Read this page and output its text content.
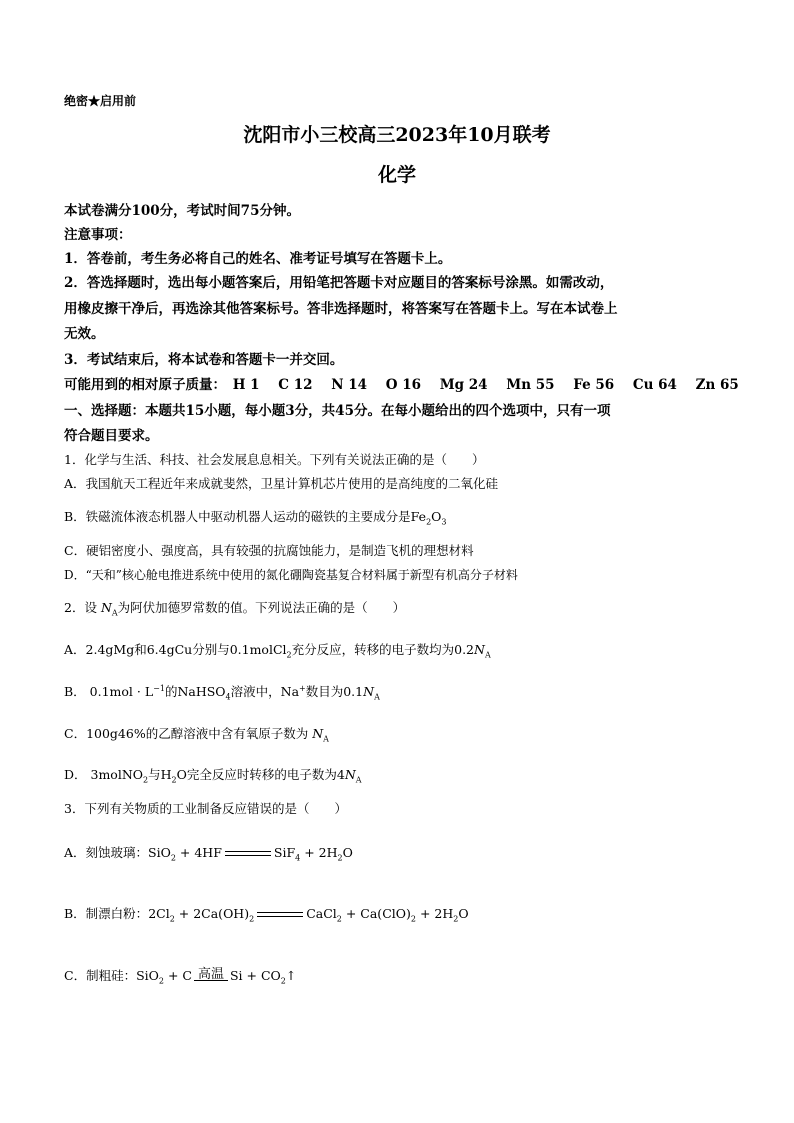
绝密★启用前
沈阳市小三校高三2023年10月联考
化学
本试卷满分100分，考试时间75分钟。
注意事项：
1．答卷前，考生务必将自己的姓名、准考证号填写在答题卡上。
2．答选择题时，选出每小题答案后，用铅笔把答题卡对应题目的答案标号涂黑。如需改动，
用橡皮擦干净后，再选涂其他答案标号。答非选择题时，将答案写在答题卡上。写在本试卷上
无效。
3．考试结束后，将本试卷和答题卡一并交回。
可能用到的相对原子质量： H 1 C 12 N 14 O 16 Mg 24 Mn 55 Fe 56 Cu 64 Zn 65
一、选择题：本题共15小题，每小题3分，共45分。在每小题给出的四个选项中，只有一项
符合题目要求。
1．化学与生活、科技、社会发展息息相关。下列有关说法正确的是（　　）
A．我国航天工程近年来成就斐然，卫星计算机芯片使用的是高纯度的二氧化硅
B．铁磁流体液态机器人中驱动机器人运动的磁铁的主要成分是$Fe_2O_3$
C．硬铝密度小、强度高，具有较强的抗腐蚀能力，是制造飞机的理想材料
D．“天和”核心舱电推进系统中使用的氮化硼陶瓷基复合材料属于新型有机高分子材料
2．设 $N_A$为阿伏加德罗常数的值。下列说法正确的是（　　）
A．2.4gMg和6.4gCu分别与0.1molCl$_2$充分反应，转移的电子数均为$0.2N_A$
B． $0.1mol \cdot L^{-1}$的NaHSO$_4$溶液中，Na+数目为$0.1N_A$
C．100g46%的乙醇溶液中含有氧原子数为 $N_A$
D． 3molNO$_2$与$H_2O$完全反应时转移的电子数为$4N_A$
3．下列有关物质的工业制备反应错误的是（　　）
A．刻蚀玻璃：SiO$_2$ + 4HF	$SiF_4 + 2H_2O$
B．制漂白粉：$2Cl_2 + 2Ca(OH)_2$	CaCl$_2$ + $Ca(ClO)_2 + 2H_2O$
C．制粗硅：SiO$_2$ + C 高温 $Si + CO_2↑$
